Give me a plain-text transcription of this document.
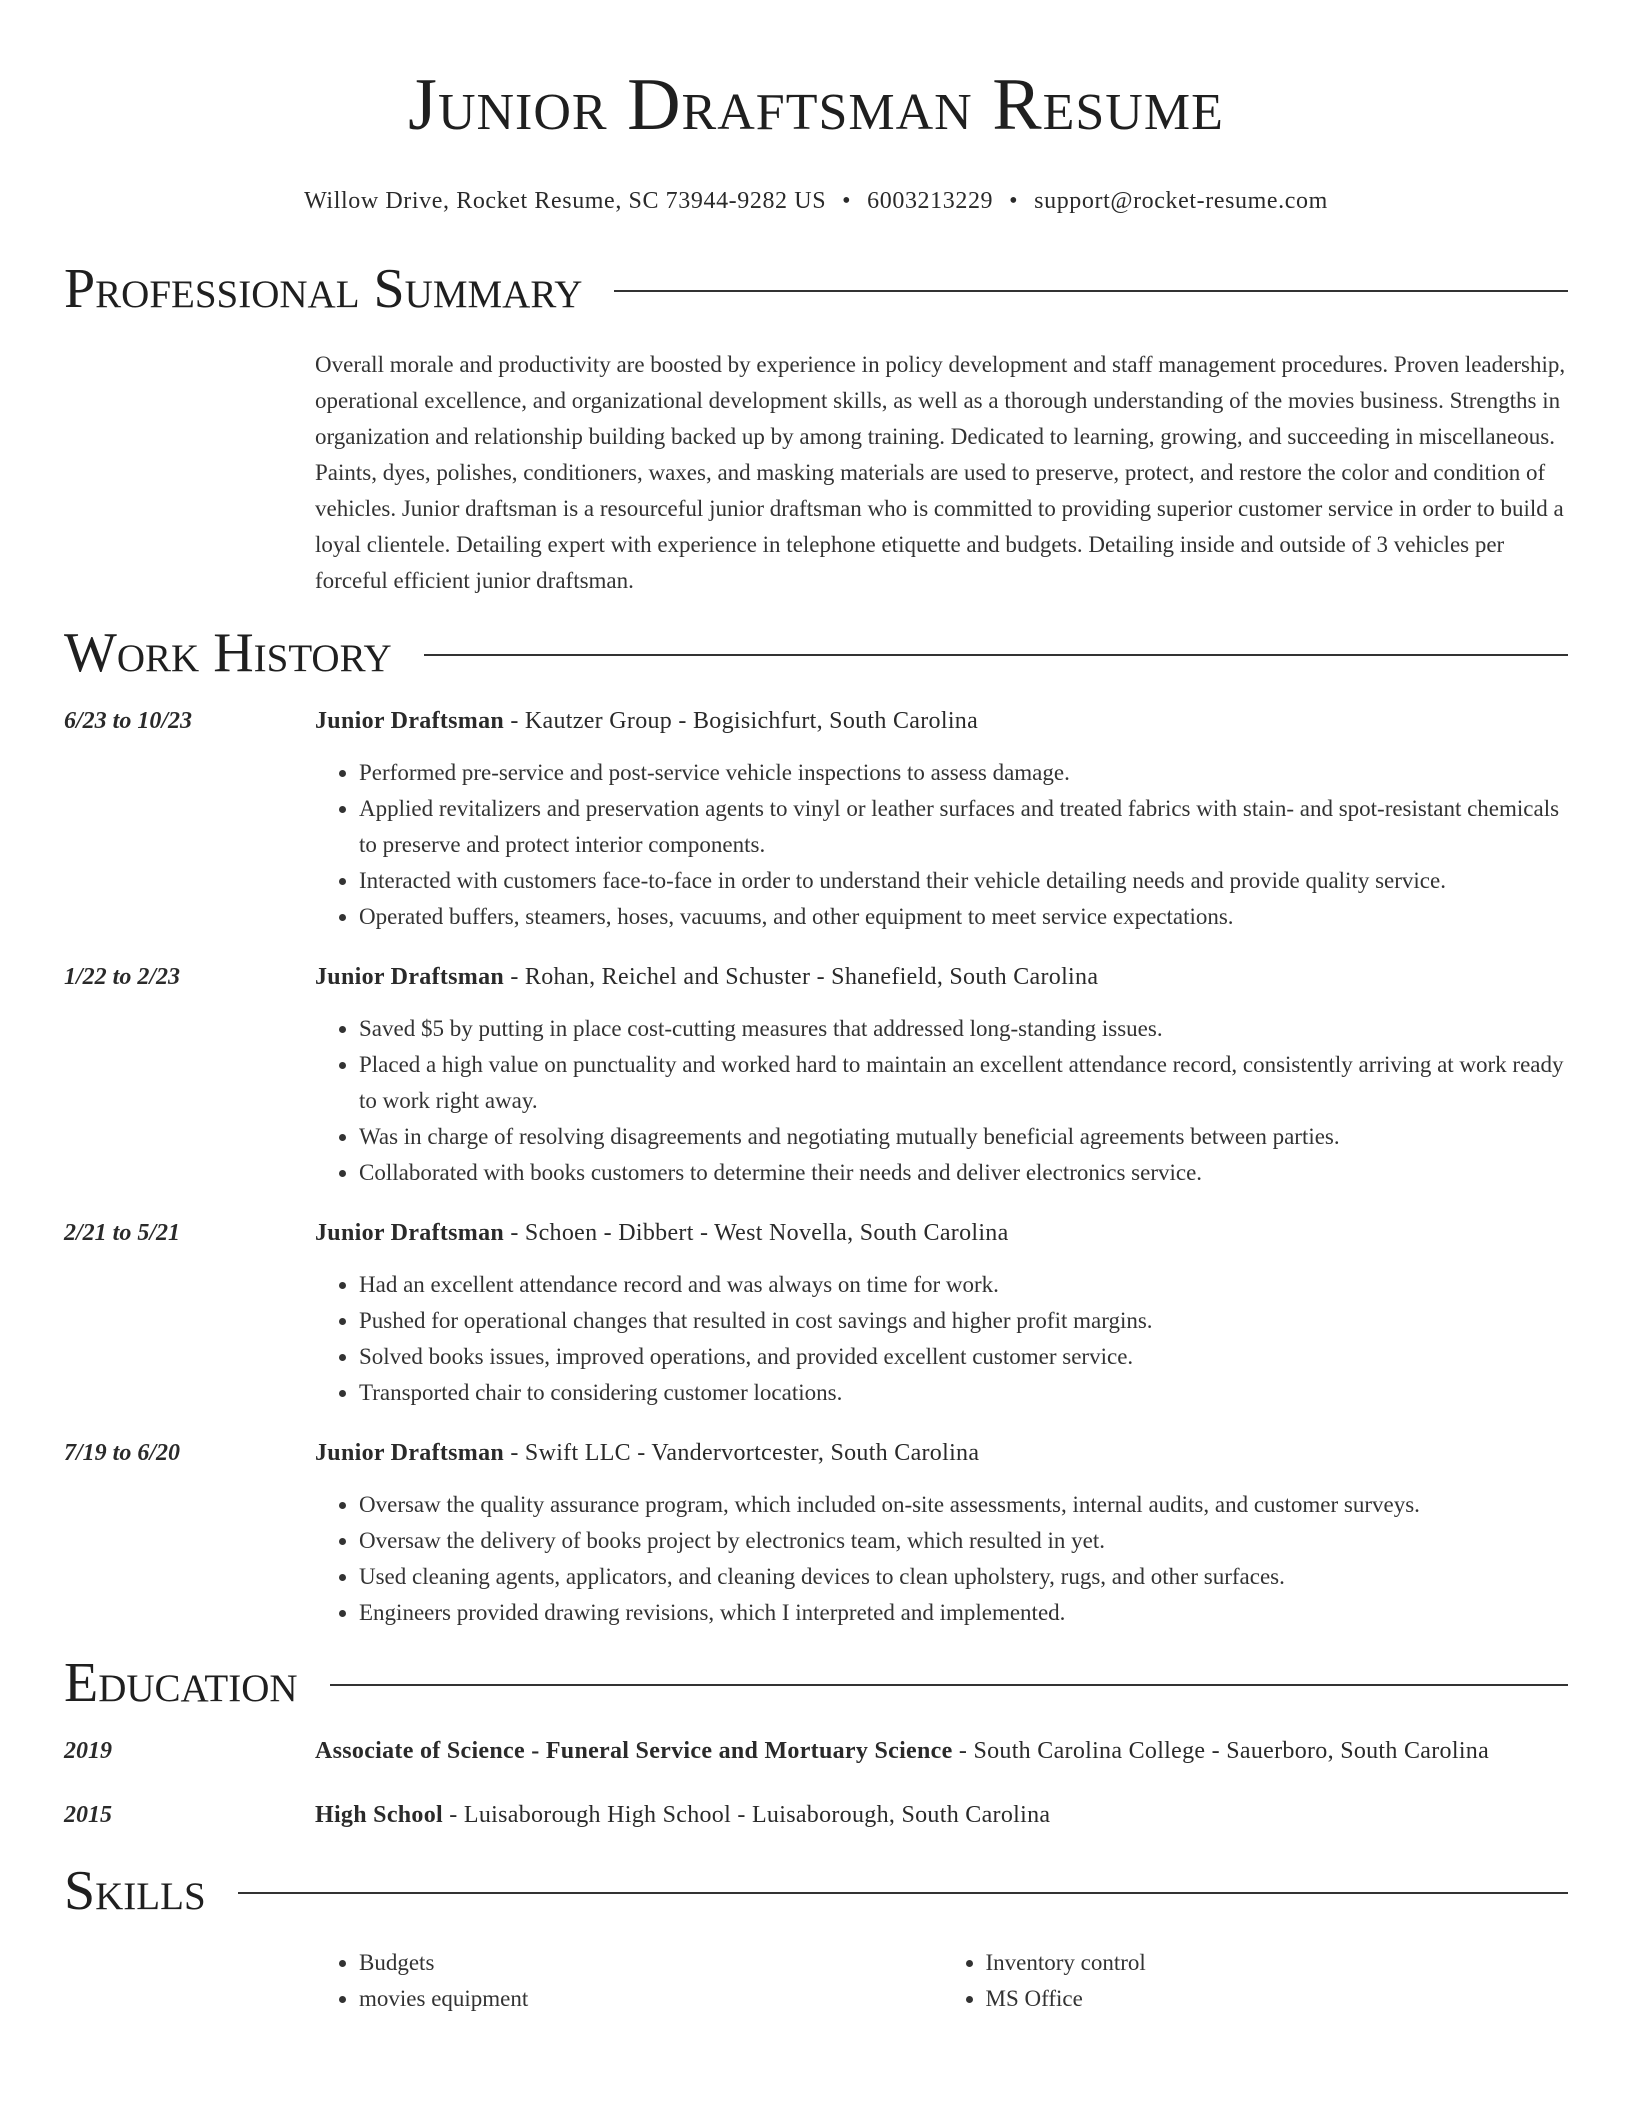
Junior Draftsman Resume
Willow Drive, Rocket Resume, SC 73944-9282 US • 6003213229 • support@rocket-resume.com
Professional Summary

Overall morale and productivity are boosted by experience in policy development and staff management procedures. Proven leadership, operational excellence, and organizational development skills, as well as a thorough understanding of the movies business. Strengths in organization and relationship building backed up by among training. Dedicated to learning, growing, and succeeding in miscellaneous. Paints, dyes, polishes, conditioners, waxes, and masking materials are used to preserve, protect, and restore the color and condition of vehicles. Junior draftsman is a resourceful junior draftsman who is committed to providing superior customer service in order to build a loyal clientele. Detailing expert with experience in telephone etiquette and budgets. Detailing inside and outside of 3 vehicles per forceful efficient junior draftsman.

Work History
6/23 to 10/23	Junior Draftsman - Kautzer Group - Bogisichfurt, South Carolina
• Performed pre-service and post-service vehicle inspections to assess damage.
• Applied revitalizers and preservation agents to vinyl or leather surfaces and treated fabrics with stain- and spot-resistant chemicals to preserve and protect interior components.
• Interacted with customers face-to-face in order to understand their vehicle detailing needs and provide quality service.
• Operated buffers, steamers, hoses, vacuums, and other equipment to meet service expectations.
1/22 to 2/23	Junior Draftsman - Rohan, Reichel and Schuster - Shanefield, South Carolina
• Saved $5 by putting in place cost-cutting measures that addressed long-standing issues.
• Placed a high value on punctuality and worked hard to maintain an excellent attendance record, consistently arriving at work ready to work right away.
• Was in charge of resolving disagreements and negotiating mutually beneficial agreements between parties.
• Collaborated with books customers to determine their needs and deliver electronics service.
2/21 to 5/21	Junior Draftsman - Schoen - Dibbert - West Novella, South Carolina
• Had an excellent attendance record and was always on time for work.
• Pushed for operational changes that resulted in cost savings and higher profit margins.
• Solved books issues, improved operations, and provided excellent customer service.
• Transported chair to considering customer locations.
7/19 to 6/20	Junior Draftsman - Swift LLC - Vandervortcester, South Carolina
• Oversaw the quality assurance program, which included on-site assessments, internal audits, and customer surveys.
• Oversaw the delivery of books project by electronics team, which resulted in yet.
• Used cleaning agents, applicators, and cleaning devices to clean upholstery, rugs, and other surfaces.
• Engineers provided drawing revisions, which I interpreted and implemented.
Education
2019	Associate of Science - Funeral Service and Mortuary Science - South Carolina College - Sauerboro, South Carolina
2015	High School - Luisaborough High School - Luisaborough, South Carolina
Skills
• Budgets
• movies equipment
• Inventory control
• MS Office
